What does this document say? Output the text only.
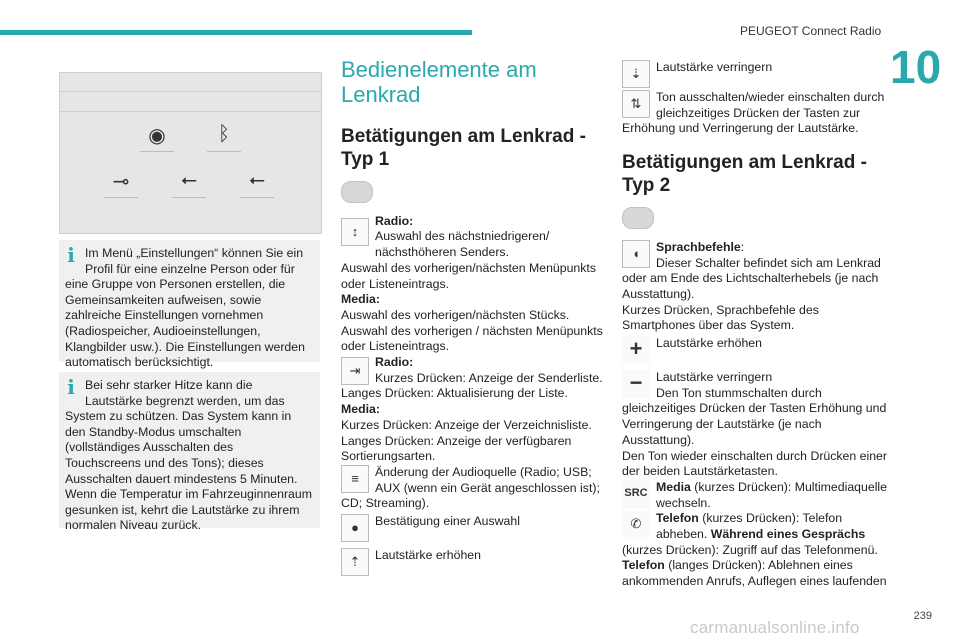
PEUGEOT Connect Radio
10
◉	ᛒ
⊸	⭠	⭠
i Im Menü „Einstellungen“ können Sie ein Profil für eine einzelne Person oder für eine Gruppe von Personen erstellen, die Gemeinsamkeiten aufweisen, sowie zahlreiche Einstellungen vornehmen (Radiospeicher, Audioeinstellungen, Klangbilder usw.). Die Einstellungen werden automatisch berücksichtigt.
i Bei sehr starker Hitze kann die Lautstärke begrenzt werden, um das System zu schützen. Das System kann in den Standby-Modus umschalten (vollständiges Ausschalten des Touchscreens und des Tons); dieses Ausschalten dauert mindestens 5 Minuten. Wenn die Temperatur im Fahrzeuginnenraum gesunken ist, kehrt die Lautstärke zu ihrem normalen Niveau zurück.
Bedienelemente am Lenkrad
Betätigungen am Lenkrad - Typ 1
↕
Radio:
Auswahl des nächstniedrigeren/ nächsthöheren Senders.
Auswahl des vorherigen/nächsten Menüpunkts oder Listeneintrags.
Media:
Auswahl des vorherigen/nächsten Stücks.
Auswahl des vorherigen / nächsten Menüpunkts oder Listeneintrags.
⇥
Radio:
Kurzes Drücken: Anzeige der Senderliste.
Langes Drücken: Aktualisierung der Liste.
Media:
Kurzes Drücken: Anzeige der Verzeichnisliste.
Langes Drücken: Anzeige der verfügbaren Sortierungsarten.
≡	Änderung der Audioquelle (Radio; USB; AUX (wenn ein Gerät angeschlossen ist); CD; Streaming).
●	Bestätigung einer Auswahl
⇡	Lautstärke erhöhen
⇣	Lautstärke verringern
⇅	Ton ausschalten/wieder einschalten durch gleichzeitiges Drücken der Tasten zur Erhöhung und Verringerung der Lautstärke.
Betätigungen am Lenkrad - Typ 2
◖	Sprachbefehle:
Dieser Schalter befindet sich am Lenkrad oder am Ende des Lichtschalterhebels (je nach Ausstattung).
Kurzes Drücken, Sprachbefehle des Smartphones über das System.
+	Lautstärke erhöhen
−	Lautstärke verringern
Den Ton stummschalten durch gleichzeitiges Drücken der Tasten Erhöhung und Verringerung der Lautstärke (je nach Ausstattung).
Den Ton wieder einschalten durch Drücken einer der beiden Lautstärketasten.
SRC Media (kurzes Drücken): Multimediaquelle wechseln.
✆	Telefon (kurzes Drücken): Telefon abheben. Während eines Gesprächs (kurzes Drücken): Zugriff auf das Telefonmenü.
Telefon (langes Drücken): Ablehnen eines ankommenden Anrufs, Auflegen eines laufenden
239
carmanualsonline.info
